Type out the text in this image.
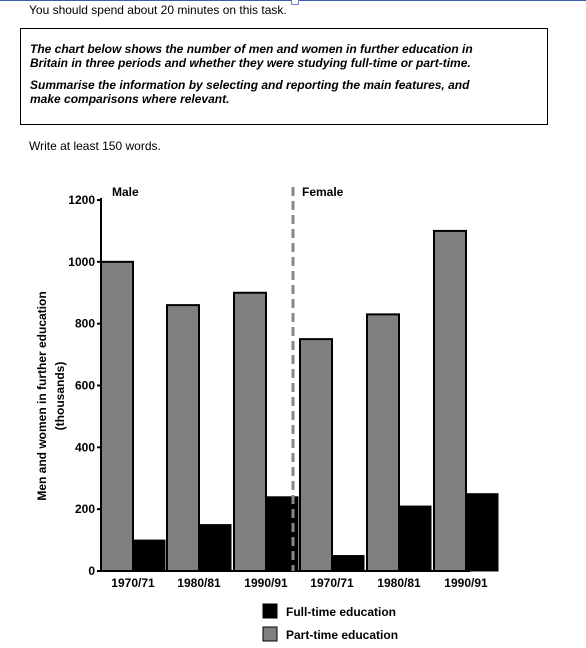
You should spend about 20 minutes on this task.

The chart below shows the number of men and women in further education in
Britain in three periods and whether they were studying full-time or part-time.

Summarise the information by selecting and reporting the main features, and
make comparisons where relevant.

Write at least 150 words.
Men and women in further education (thousands)
0
200
400
600
800
1000
1200
1970/71 1980/81 1990/91 1970/71 1980/81 1990/91
Male	Female
Full-time education
Part-time education
